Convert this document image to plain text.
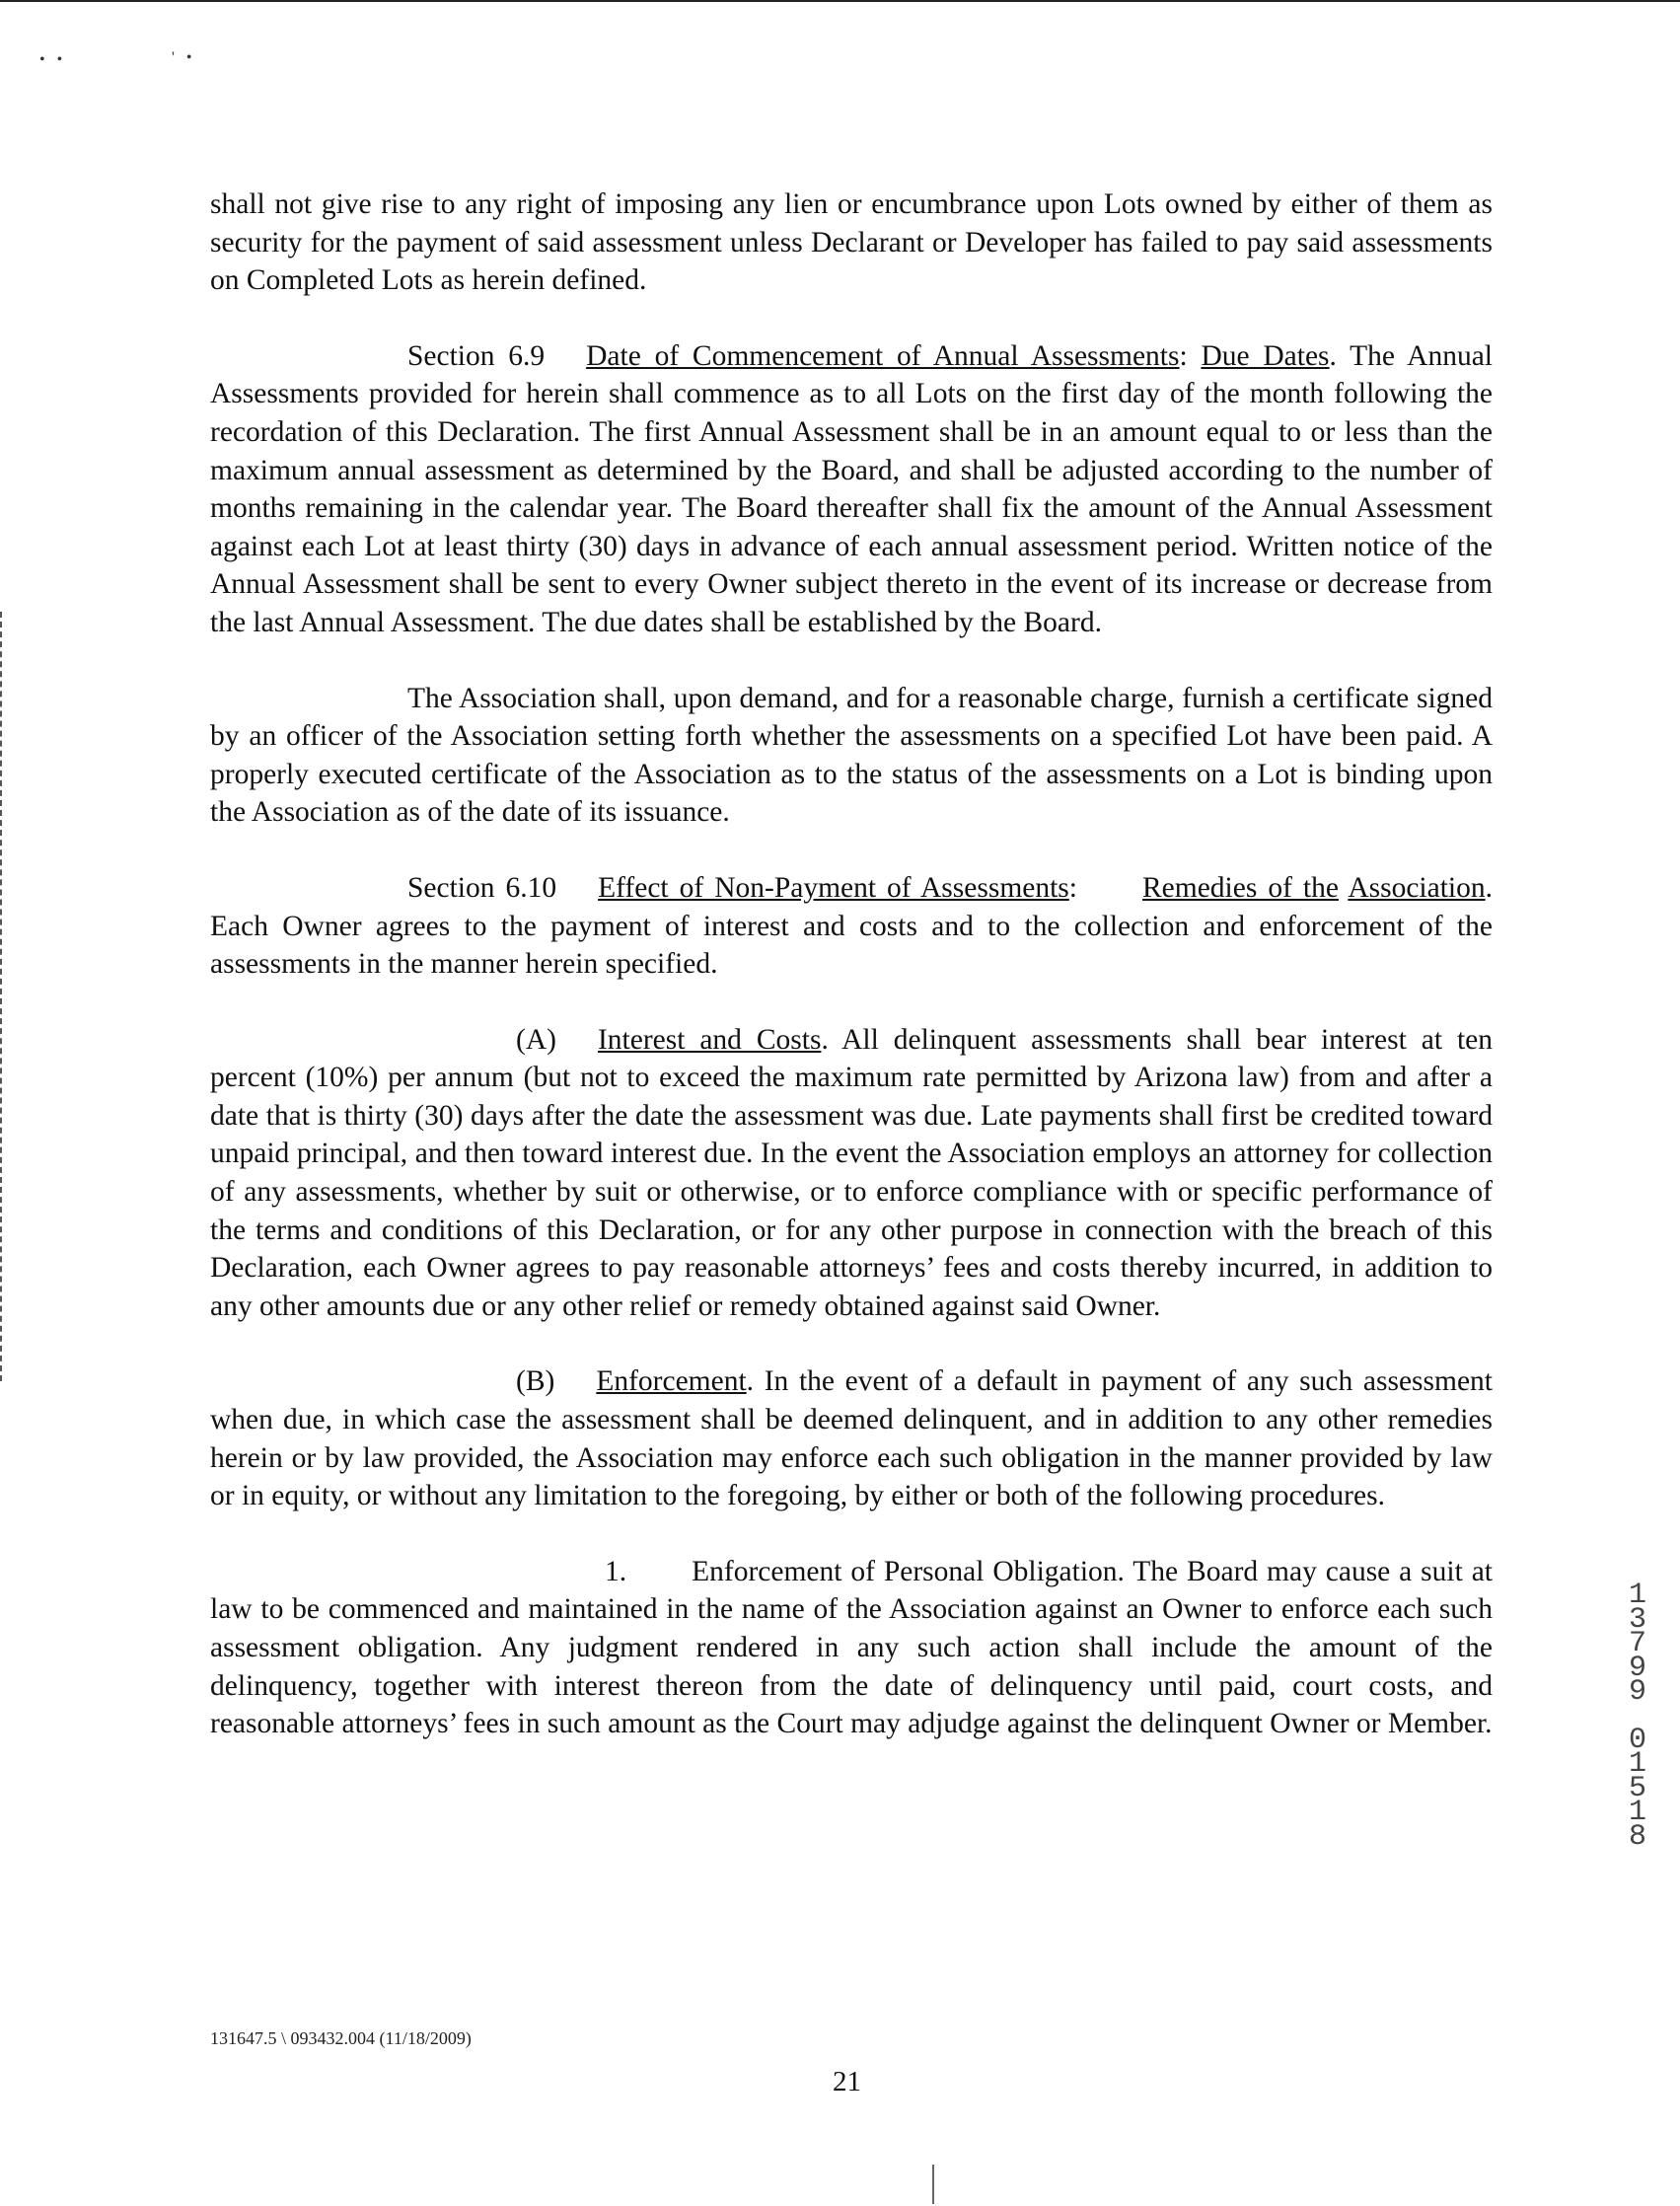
• •	' •

shall not give rise to any right of imposing any lien or encumbrance upon Lots owned by either of them as security for the payment of said assessment unless Declarant or Developer has failed to pay said assessments on Completed Lots as herein defined.

Section 6.9 Date of Commencement of Annual Assessments: Due Dates. The Annual Assessments provided for herein shall commence as to all Lots on the first day of the month following the recordation of this Declaration. The first Annual Assessment shall be in an amount equal to or less than the maximum annual assessment as determined by the Board, and shall be adjusted according to the number of months remaining in the calendar year. The Board thereafter shall fix the amount of the Annual Assessment against each Lot at least thirty (30) days in advance of each annual assessment period. Written notice of the Annual Assessment shall be sent to every Owner subject thereto in the event of its increase or decrease from the last Annual Assessment. The due dates shall be established by the Board.

The Association shall, upon demand, and for a reasonable charge, furnish a certificate signed by an officer of the Association setting forth whether the assessments on a specified Lot have been paid. A properly executed certificate of the Association as to the status of the assessments on a Lot is binding upon the Association as of the date of its issuance.

Section 6.10 Effect of Non-Payment of Assessments: Remedies of the Association. Each Owner agrees to the payment of interest and costs and to the collection and enforcement of the assessments in the manner herein specified.

(A) Interest and Costs. All delinquent assessments shall bear interest at ten percent (10%) per annum (but not to exceed the maximum rate permitted by Arizona law) from and after a date that is thirty (30) days after the date the assessment was due. Late payments shall first be credited toward unpaid principal, and then toward interest due. In the event the Association employs an attorney for collection of any assessments, whether by suit or otherwise, or to enforce compliance with or specific performance of the terms and conditions of this Declaration, or for any other purpose in connection with the breach of this Declaration, each Owner agrees to pay reasonable attorneys’ fees and costs thereby incurred, in addition to any other amounts due or any other relief or remedy obtained against said Owner.

(B) Enforcement. In the event of a default in payment of any such assessment when due, in which case the assessment shall be deemed delinquent, and in addition to any other remedies herein or by law provided, the Association may enforce each such obligation in the manner provided by law or in equity, or without any limitation to the foregoing, by either or both of the following procedures.

1. Enforcement of Personal Obligation. The Board may cause a suit at law to be commenced and maintained in the name of the Association against an Owner to enforce each such assessment obligation. Any judgment rendered in any such action shall include the amount of the delinquency, together with interest thereon from the date of delinquency until paid, court costs, and reasonable attorneys’ fees in such amount as the Court may adjudge against the delinquent Owner or Member.

1
3
7
9
9
0
1
5
1
8
131647.5 \ 093432.004 (11/18/2009)
21
